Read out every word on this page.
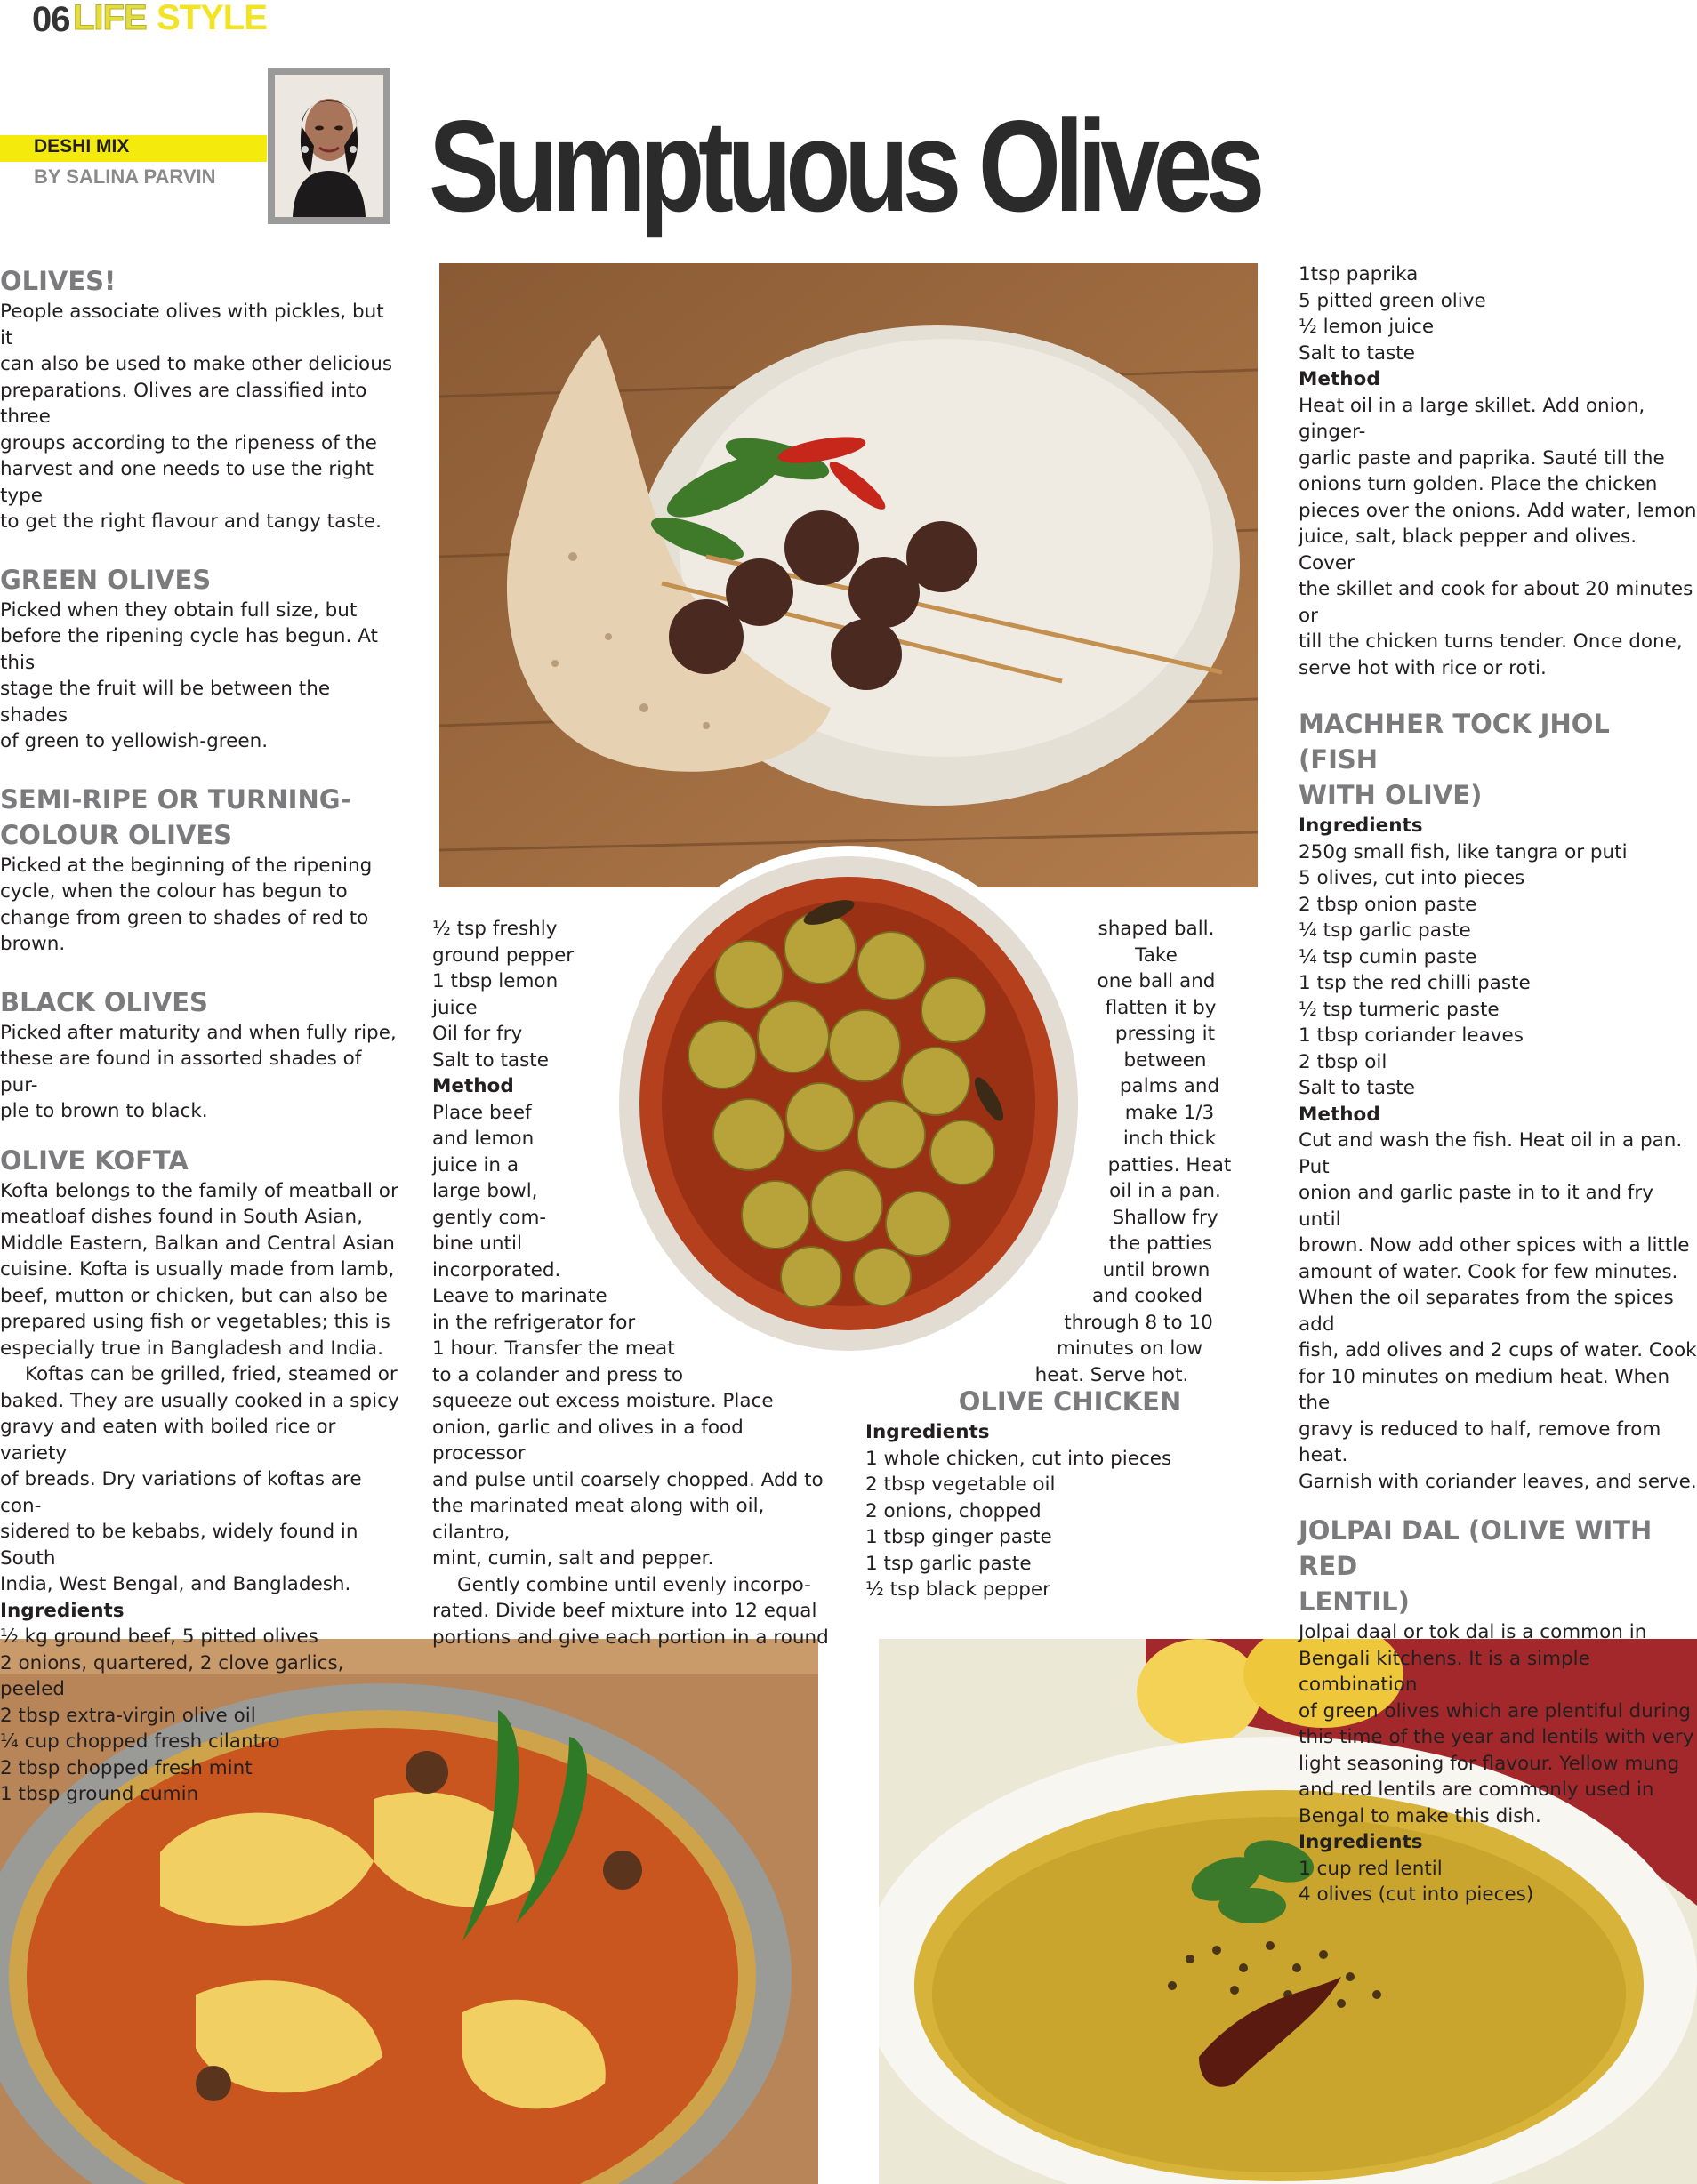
06 LIFE STYLE
DESHI MIX
BY SALINA PARVIN Sumptuous Olives
OLIVES!

People associate olives with pickles, but it

can also be used to make other delicious

preparations. Olives are classified into three

groups according to the ripeness of the

harvest and one needs to use the right type

to get the right flavour and tangy taste.

GREEN OLIVES

Picked when they obtain full size, but

before the ripening cycle has begun. At this

stage the fruit will be between the shades

of green to yellowish-green.

SEMI-RIPE OR TURNING-
COLOUR OLIVES

Picked at the beginning of the ripening

cycle, when the colour has begun to

change from green to shades of red to

brown.

BLACK OLIVES

Picked after maturity and when fully ripe,

these are found in assorted shades of pur-

ple to brown to black.

OLIVE KOFTA

Kofta belongs to the family of meatball or

meatloaf dishes found in South Asian,

Middle Eastern, Balkan and Central Asian

cuisine. Kofta is usually made from lamb,

beef, mutton or chicken, but can also be

prepared using fish or vegetables; this is

especially true in Bangladesh and India.

Koftas can be grilled, fried, steamed or

baked. They are usually cooked in a spicy

gravy and eaten with boiled rice or variety

of breads. Dry variations of koftas are con-

sidered to be kebabs, widely found in South

India, West Bengal, and Bangladesh.

Ingredients

½ kg ground beef, 5 pitted olives

2 onions, quartered, 2 clove garlics, peeled

2 tbsp extra-virgin olive oil

¼ cup chopped fresh cilantro

2 tbsp chopped fresh mint

1 tbsp ground cumin

½ tsp freshly

ground pepper

1 tbsp lemon

juice

Oil for fry

Salt to taste

Method

Place beef

and lemon

juice in a

large bowl,

gently com-

bine until

incorporated.

Leave to marinate

in the refrigerator for

1 hour. Transfer the meat

to a colander and press to

squeeze out excess moisture. Place

onion, garlic and olives in a food processor

and pulse until coarsely chopped. Add to

the marinated meat along with oil, cilantro,

mint, cumin, salt and pepper.

Gently combine until evenly incorpo-

rated. Divide beef mixture into 12 equal

portions and give each portion in a round

shaped ball. Take

one ball and

flatten it by

pressing it

between

palms and

make 1/3

inch thick

patties. Heat

oil in a pan.

Shallow fry

the patties

until brown

and cooked

through 8 to 10

minutes on low

heat. Serve hot.

OLIVE CHICKEN

Ingredients

1 whole chicken, cut into pieces

2 tbsp vegetable oil

2 onions, chopped

1 tbsp ginger paste

1 tsp garlic paste

½ tsp black pepper

1tsp paprika

5 pitted green olive

½ lemon juice

Salt to taste

Method

Heat oil in a large skillet. Add onion, ginger-

garlic paste and paprika. Sauté till the

onions turn golden. Place the chicken

pieces over the onions. Add water, lemon

juice, salt, black pepper and olives. Cover

the skillet and cook for about 20 minutes or

till the chicken turns tender. Once done,

serve hot with rice or roti.

MACHHER TOCK JHOL (FISH
WITH OLIVE)

Ingredients

250g small fish, like tangra or puti

5 olives, cut into pieces

2 tbsp onion paste

¼ tsp garlic paste

¼ tsp cumin paste

1 tsp the red chilli paste

½ tsp turmeric paste

1 tbsp coriander leaves

2 tbsp oil

Salt to taste

Method

Cut and wash the fish. Heat oil in a pan. Put

onion and garlic paste in to it and fry until

brown. Now add other spices with a little

amount of water. Cook for few minutes.

When the oil separates from the spices add

fish, add olives and 2 cups of water. Cook

for 10 minutes on medium heat. When the

gravy is reduced to half, remove from heat.

Garnish with coriander leaves, and serve.

JOLPAI DAL (OLIVE WITH RED
LENTIL)

Jolpai daal or tok dal is a common in

Bengali kitchens. It is a simple combination

of green olives which are plentiful during

this time of the year and lentils with very

light seasoning for flavour. Yellow mung

and red lentils are commonly used in

Bengal to make this dish.

Ingredients

1 cup red lentil

4 olives (cut into pieces)
